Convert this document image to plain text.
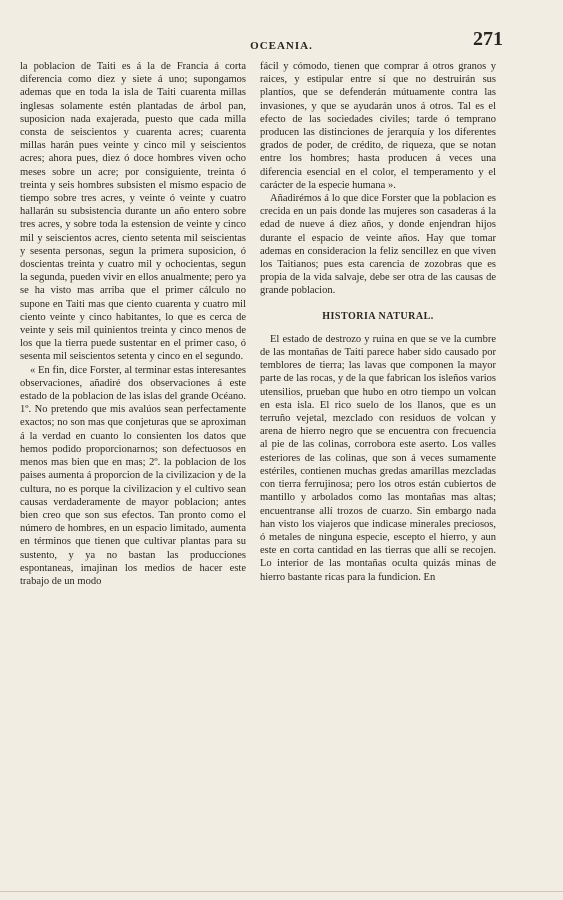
OCEANIA.	271

la poblacion de Taiti es á la de Francia á corta diferencia como diez y siete á uno; supongamos ademas que en toda la isla de Taiti cuarenta millas inglesas solamente estén plantadas de árbol pan, suposicion nada exajerada, puesto que cada milla consta de seiscientos y cuarenta acres; cuarenta millas harán pues veinte y cinco mil y seiscientos acres; ahora pues, diez ó doce hombres viven ocho meses sobre un acre; por consiguiente, treinta ó treinta y seis hombres subsisten el mismo espacio de tiempo sobre tres acres, y veinte ó veinte y cuatro hallarán su subsistencia durante un año entero sobre tres acres, y sobre toda la estension de veinte y cinco mil y seiscientos acres, ciento setenta mil seiscientas y sesenta personas, segun la primera suposicion, ó doscientas treinta y cuatro mil y ochocientas, segun la segunda, pueden vivir en ellos anualmente; pero ya se ha visto mas arriba que el primer cálculo no supone en Taiti mas que ciento cuarenta y cuatro mil ciento veinte y cinco habitantes, lo que es cerca de veinte y seis mil quinientos treinta y cinco menos de los que la tierra puede sustentar en el primer caso, ó sesenta mil seiscientos setenta y cinco en el segundo.

« En fin, dice Forster, al terminar estas interesantes observaciones, añadiré dos observaciones á este estado de la poblacion de las islas del grande Océano. 1º. No pretendo que mis avalúos sean perfectamente exactos; no son mas que conjeturas que se aproximan á la verdad en cuanto lo consienten los datos que hemos podido proporcionarnos; son defectuosos en menos mas bien que en mas; 2º. la poblacion de los paises aumenta á proporcion de la civilizacion y de la cultura, no es porque la civilizacion y el cultivo sean causas verdaderamente de mayor poblacion; antes bien creo que son sus efectos. Tan pronto como el número de hombres, en un espacio limitado, aumenta en términos que tienen que cultivar plantas para su sustento, y ya no bastan las producciones espontaneas, imajinan los medios de hacer este trabajo de un modo

fácil y cómodo, tienen que comprar á otros granos y raices, y estipular entre sí que no destruirán sus plantíos, que se defenderán mútuamente contra las invasiones, y que se ayudarán unos á otros. Tal es el efecto de las sociedades civiles; tarde ó temprano producen las distinciones de jerarquía y los diferentes grados de poder, de crédito, de riqueza, que se notan entre los hombres; hasta producen á veces una diferencia esencial en el color, el temperamento y el carácter de la especie humana ».

Añadirémos á lo que dice Forster que la poblacion es crecida en un pais donde las mujeres son casaderas á la edad de nueve á diez años, y donde enjendran hijos durante el espacio de veinte años. Hay que tomar ademas en consideracion la feliz sencillez en que viven los Taitianos; pues esta carencia de zozobras que es propia de la vida salvaje, debe ser otra de las causas de grande poblacion.

HISTORIA NATURAL.

El estado de destrozo y ruina en que se ve la cumbre de las montañas de Taiti parece haber sido causado por temblores de tierra; las lavas que componen la mayor parte de las rocas, y de la que fabrican los isleños varios utensilios, prueban que hubo en otro tiempo un volcan en esta isla. El rico suelo de los llanos, que es un terruño vejetal, mezclado con residuos de volcan y arena de hierro negro que se encuentra con frecuencia al pie de las colinas, corrobora este aserto. Los valles esteriores de las colinas, que son á veces sumamente estériles, contienen muchas gredas amarillas mezcladas con tierra ferrujinosa; pero los otros están cubiertos de mantillo y arbolados como las montañas mas altas; encuentranse allí trozos de cuarzo. Sin embargo nada han visto los viajeros que indicase minerales preciosos, ó metales de ninguna especie, escepto el hierro, y aun este en corta cantidad en las tierras que allí se recojen. Lo interior de las montañas oculta quizás minas de hierro bastante ricas para la fundicion. En
